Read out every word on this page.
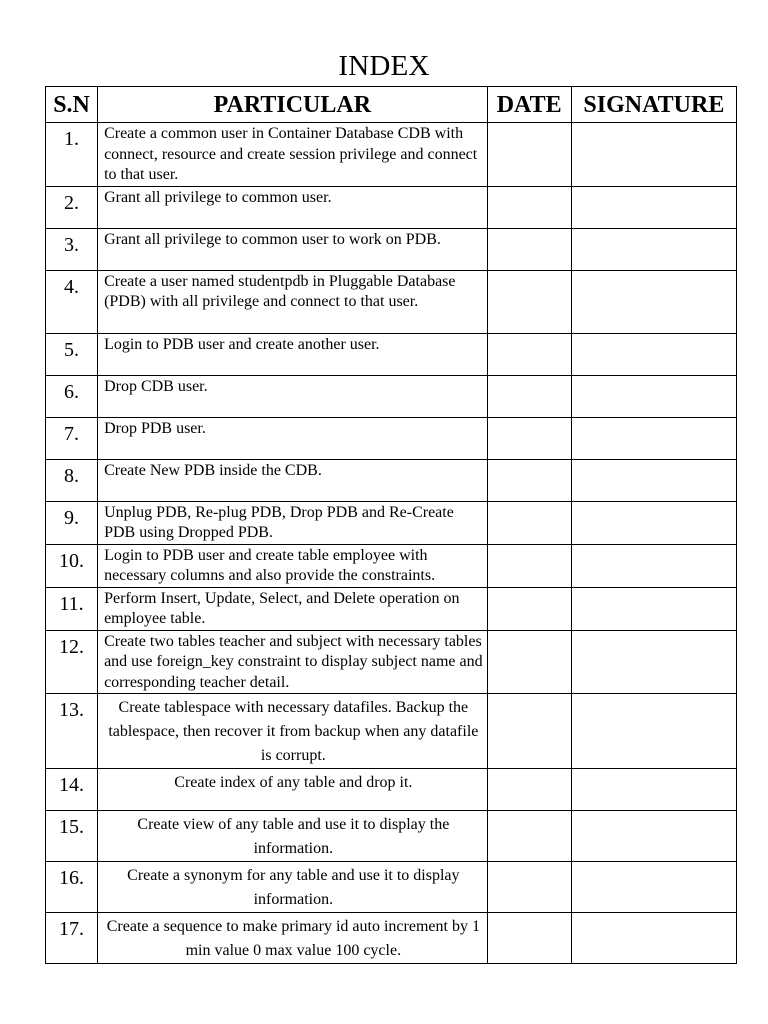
INDEX
S.N	PARTICULAR	DATE	SIGNATURE
1.	Create a common user in Container Database CDB with connect, resource and create session privilege and connect to that user.		
2.	Grant all privilege to common user.		
3.	Grant all privilege to common user to work on PDB.		
4.	Create a user named studentpdb in Pluggable Database (PDB) with all privilege and connect to that user.		
5.	Login to PDB user and create another user.		
6.	Drop CDB user.		
7.	Drop PDB user.		
8.	Create New PDB inside the CDB.		
9.	Unplug PDB, Re-plug PDB, Drop PDB and Re-Create PDB using Dropped PDB.		
10.	Login to PDB user and create table employee with necessary columns and also provide the constraints.		
11.	Perform Insert, Update, Select, and Delete operation on employee table.		
12.	Create two tables teacher and subject with necessary tables and use foreign_key constraint to display subject name and corresponding teacher detail.		
13.	Create tablespace with necessary datafiles. Backup the tablespace, then recover it from backup when any datafile is corrupt.		
14.	Create index of any table and drop it.		
15.	Create view of any table and use it to display the information.		
16.	Create a synonym for any table and use it to display information.		
17.	Create a sequence to make primary id auto increment by 1 min value 0 max value 100 cycle.		
